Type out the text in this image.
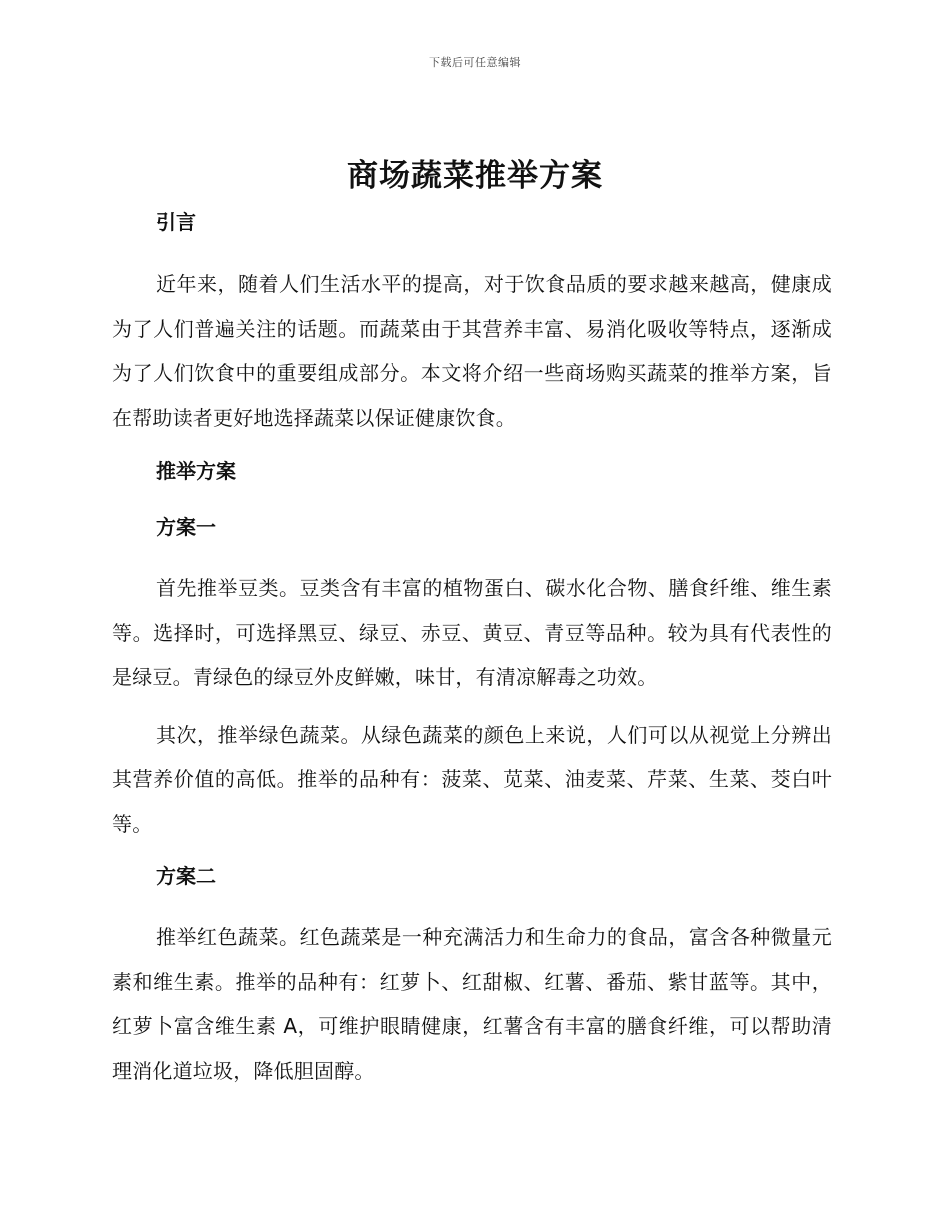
下载后可任意编辑
商场蔬菜推举方案
引言

近年来，随着人们生活水平的提高，对于饮食品质的要求越来越高，健康成为了人们普遍关注的话题。而蔬菜由于其营养丰富、易消化吸收等特点，逐渐成为了人们饮食中的重要组成部分。本文将介绍一些商场购买蔬菜的推举方案，旨在帮助读者更好地选择蔬菜以保证健康饮食。

推举方案
方案一

首先推举豆类。豆类含有丰富的植物蛋白、碳水化合物、膳食纤维、维生素等。选择时，可选择黑豆、绿豆、赤豆、黄豆、青豆等品种。较为具有代表性的是绿豆。青绿色的绿豆外皮鲜嫩，味甘，有清凉解毒之功效。

其次，推举绿色蔬菜。从绿色蔬菜的颜色上来说，人们可以从视觉上分辨出其营养价值的高低。推举的品种有：菠菜、苋菜、油麦菜、芹菜、生菜、茭白叶等。

方案二

推举红色蔬菜。红色蔬菜是一种充满活力和生命力的食品，富含各种微量元素和维生素。推举的品种有：红萝卜、红甜椒、红薯、番茄、紫甘蓝等。其中，红萝卜富含维生素 A，可维护眼睛健康，红薯含有丰富的膳食纤维，可以帮助清理消化道垃圾，降低胆固醇。
